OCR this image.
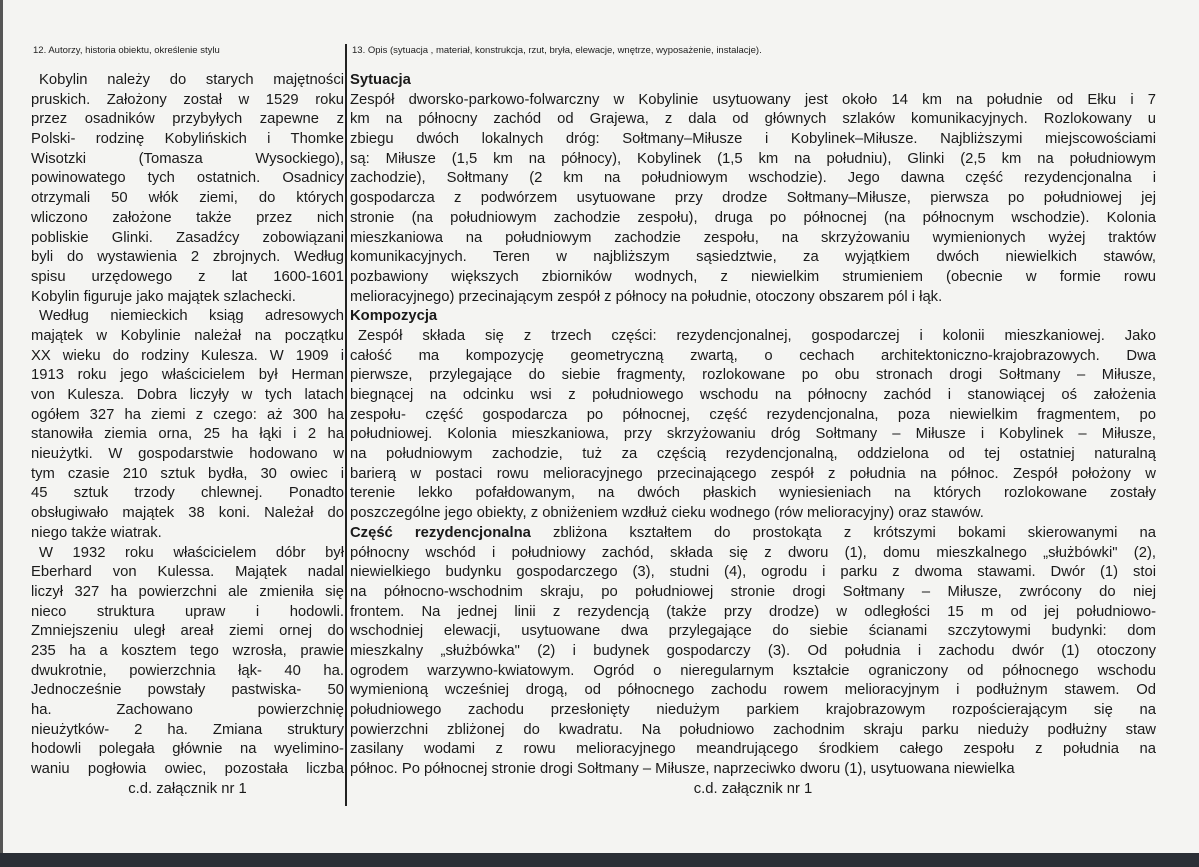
12. Autorzy, historia obiektu, określenie stylu	13. Opis (sytuacja , materiał, konstrukcja, rzut, bryła, elewacje, wnętrze, wyposażenie, instalacje).
Kobylin należy do starych majętności
pruskich. Założony został w 1529 roku
przez osadników przybyłych zapewne z
Polski- rodzinę Kobylińskich i Thomke
Wisotzki (Tomasza Wysockiego),
powinowatego tych ostatnich. Osadnicy
otrzymali 50 włók ziemi, do których
wliczono założone także przez nich
pobliskie Glinki. Zasadźcy zobowiązani
byli do wystawienia 2 zbrojnych. Według
spisu urzędowego z lat 1600-1601
Kobylin figuruje jako majątek szlachecki.
Według niemieckich ksiąg adresowych
majątek w Kobylinie należał na początku
XX wieku do rodziny Kulesza. W 1909 i
1913 roku jego właścicielem był Herman
von Kulesza. Dobra liczyły w tych latach
ogółem 327 ha ziemi z czego: aż 300 ha
stanowiła ziemia orna, 25 ha łąki i 2 ha
nieużytki. W gospodarstwie hodowano w
tym czasie 210 sztuk bydła, 30 owiec i
45 sztuk trzody chlewnej. Ponadto
obsługiwało majątek 38 koni. Należał do
niego także wiatrak.
W 1932 roku właścicielem dóbr był
Eberhard von Kulessa. Majątek nadal
liczył 327 ha powierzchni ale zmieniła się
nieco struktura upraw i hodowli.
Zmniejszeniu uległ areał ziemi ornej do
235 ha a kosztem tego wzrosła, prawie
dwukrotnie, powierzchnia łąk- 40 ha.
Jednocześnie powstały pastwiska- 50
ha. Zachowano powierzchnię
nieużytków- 2 ha. Zmiana struktury
hodowli polegała głównie na wyelimino-
waniu pogłowia owiec, pozostała liczba
c.d. załącznik nr 1
Sytuacja
Zespół dworsko-parkowo-folwarczny w Kobylinie usytuowany jest około 14 km na południe od Ełku i 7
km na północny zachód od Grajewa, z dala od głównych szlaków komunikacyjnych. Rozlokowany u
zbiegu dwóch lokalnych dróg: Sołtmany–Miłusze i Kobylinek–Miłusze. Najbliższymi miejscowościami
są: Miłusze (1,5 km na północy), Kobylinek (1,5 km na południu), Glinki (2,5 km na południowym
zachodzie), Sołtmany (2 km na południowym wschodzie). Jego dawna część rezydencjonalna i
gospodarcza z podwórzem usytuowane przy drodze Sołtmany–Miłusze, pierwsza po południowej jej
stronie (na południowym zachodzie zespołu), druga po północnej (na północnym wschodzie). Kolonia
mieszkaniowa na południowym zachodzie zespołu, na skrzyżowaniu wymienionych wyżej traktów
komunikacyjnych. Teren w najbliższym sąsiedztwie, za wyjątkiem dwóch niewielkich stawów,
pozbawiony większych zbiorników wodnych, z niewielkim strumieniem (obecnie w formie rowu
melioracyjnego) przecinającym zespół z północy na południe, otoczony obszarem pól i łąk.
Kompozycja
Zespół składa się z trzech części: rezydencjonalnej, gospodarczej i kolonii mieszkaniowej. Jako
całość ma kompozycję geometryczną zwartą, o cechach architektoniczno-krajobrazowych. Dwa
pierwsze, przylegające do siebie fragmenty, rozlokowane po obu stronach drogi Sołtmany – Miłusze,
biegnącej na odcinku wsi z południowego wschodu na północny zachód i stanowiącej oś założenia
zespołu- część gospodarcza po północnej, część rezydencjonalna, poza niewielkim fragmentem, po
południowej. Kolonia mieszkaniowa, przy skrzyżowaniu dróg Sołtmany – Miłusze i Kobylinek – Miłusze,
na południowym zachodzie, tuż za częścią rezydencjonalną, oddzielona od tej ostatniej naturalną
barierą w postaci rowu melioracyjnego przecinającego zespół z południa na północ. Zespół położony w
terenie lekko pofałdowanym, na dwóch płaskich wyniesieniach na których rozlokowane zostały
poszczególne jego obiekty, z obniżeniem wzdłuż cieku wodnego (rów melioracyjny) oraz stawów.
Część rezydencjonalna zbliżona kształtem do prostokąta z krótszymi bokami skierowanymi na
północny wschód i południowy zachód, składa się z dworu (1), domu mieszkalnego „służbówki" (2),
niewielkiego budynku gospodarczego (3), studni (4), ogrodu i parku z dwoma stawami. Dwór (1) stoi
na północno-wschodnim skraju, po południowej stronie drogi Sołtmany – Miłusze, zwrócony do niej
frontem. Na jednej linii z rezydencją (także przy drodze) w odległości 15 m od jej południowo-
wschodniej elewacji, usytuowane dwa przylegające do siebie ścianami szczytowymi budynki: dom
mieszkalny „służbówka" (2) i budynek gospodarczy (3). Od południa i zachodu dwór (1) otoczony
ogrodem warzywno-kwiatowym. Ogród o nieregularnym kształcie ograniczony od północnego wschodu
wymienioną wcześniej drogą, od północnego zachodu rowem melioracyjnym i podłużnym stawem. Od
południowego zachodu przesłonięty niedużym parkiem krajobrazowym rozpościerającym się na
powierzchni zbliżonej do kwadratu. Na południowo zachodnim skraju parku nieduży podłużny staw
zasilany wodami z rowu melioracyjnego meandrującego środkiem całego zespołu z południa na
północ. Po północnej stronie drogi Sołtmany – Miłusze, naprzeciwko dworu (1), usytuowana niewielka
c.d. załącznik nr 1
